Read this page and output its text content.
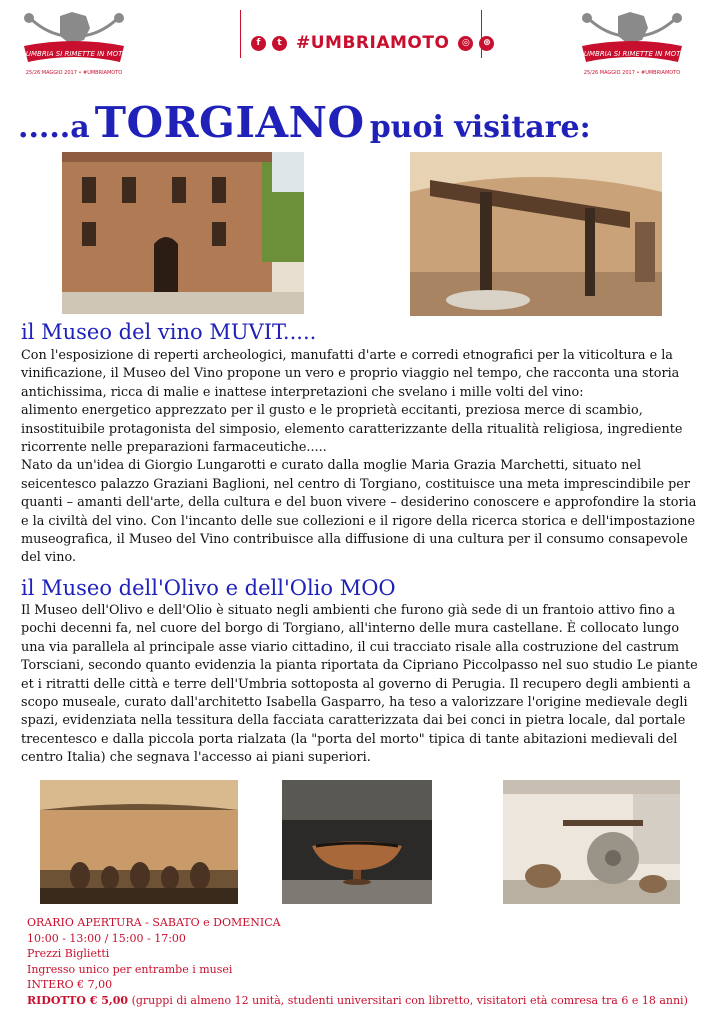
L'UMBRIA SI RIMETTE IN MOTO
25/26 MAGGIO 2017 • #UMBRIAMOTO
f	t #UMBRIAMOTO	◎	⊕
L'UMBRIA SI RIMETTE IN MOTO
25/26 MAGGIO 2017 • #UMBRIAMOTO
.....a TORGIANO puoi visitare:
il Museo del vino MUVIT.....

Con l'esposizione di reperti archeologici, manufatti d'arte e corredi etnografici per la viticoltura e la vinificazione, il Museo del Vino propone un vero e proprio viaggio nel tempo, che racconta una storia antichissima, ricca di malie e inattese interpretazioni che svelano i mille volti del vino:

alimento energetico apprezzato per il gusto e le proprietà eccitanti, preziosa merce di scambio, insostituibile protagonista del simposio, elemento caratterizzante della ritualità religiosa, ingrediente ricorrente nelle preparazioni farmaceutiche.....

Nato da un'idea di Giorgio Lungarotti e curato dalla moglie Maria Grazia Marchetti, situato nel seicentesco palazzo Graziani Baglioni, nel centro di Torgiano, costituisce una meta imprescindibile per quanti – amanti dell'arte, della cultura e del buon vivere – desiderino conoscere e approfondire la storia e la civiltà del vino. Con l'incanto delle sue collezioni e il rigore della ricerca storica e dell'impostazione museografica, il Museo del Vino contribuisce alla diffusione di una cultura per il consumo consapevole del vino.

il Museo dell'Olivo e dell'Olio MOO

Il Museo dell'Olivo e dell'Olio è situato negli ambienti che furono già sede di un frantoio attivo fino a pochi decenni fa, nel cuore del borgo di Torgiano, all'interno delle mura castellane. È collocato lungo una via parallela al principale asse viario cittadino, il cui tracciato risale alla costruzione del castrum Torsciani, secondo quanto evidenzia la pianta riportata da Cipriano Piccolpasso nel suo studio Le piante et i ritratti delle città e terre dell'Umbria sottoposta al governo di Perugia. Il recupero degli ambienti a scopo museale, curato dall'architetto Isabella Gasparro, ha teso a valorizzare l'origine medievale degli spazi, evidenziata nella tessitura della facciata caratterizzata dai bei conci in pietra locale, dal portale trecentesco e dalla piccola porta rialzata (la "porta del morto" tipica di tante abitazioni medievali del centro Italia) che segnava l'accesso ai piani superiori.

ORARIO APERTURA - SABATO e DOMENICA
10:00 - 13:00 / 15:00 - 17:00
Prezzi Biglietti
Ingresso unico per entrambe i musei
INTERO € 7,00
RIDOTTO € 5,00 (gruppi di almeno 12 unità, studenti universitari con libretto, visitatori età comresa tra 6 e 18 anni)
